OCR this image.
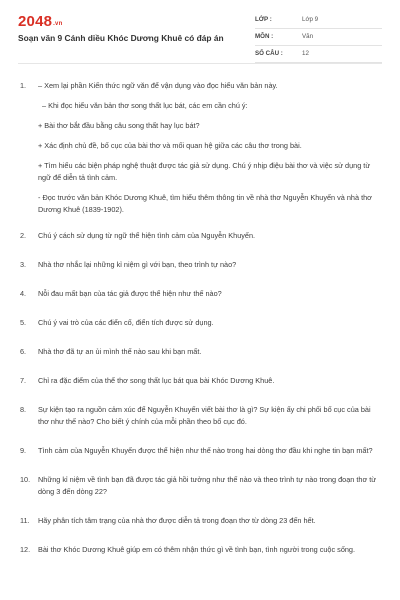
2048.vn
Soạn văn 9 Cánh diều Khóc Dương Khuê có đáp án
LỚP :	Lớp 9
MÔN :	Văn
SỐ CÂU :	12
1. – Xem lại phần Kiến thức ngữ văn để vận dụng vào đọc hiểu văn bản này.
– Khi đọc hiểu văn bản thơ song thất lục bát, các em cần chú ý:
+ Bài thơ bắt đầu bằng câu song thất hay lục bát?
+ Xác định chủ đề, bố cục của bài thơ và mối quan hệ giữa các câu thơ trong bài.
+ Tìm hiểu các biện pháp nghệ thuật được tác giả sử dụng. Chú ý nhịp điệu bài thơ và việc sử dụng từ ngữ để diễn tả tình cảm.
- Đọc trước văn bản Khóc Dương Khuê, tìm hiểu thêm thông tin về nhà thơ Nguyễn Khuyến và nhà thơ Dương Khuê (1839-1902).
2. Chú ý cách sử dụng từ ngữ thể hiện tình cảm của Nguyễn Khuyến.
3. Nhà thơ nhắc lại những kỉ niệm gì với bạn, theo trình tự nào?
4. Nỗi đau mất bạn của tác giả được thể hiện như thế nào?
5. Chú ý vai trò của các điển cố, điển tích được sử dụng.
6. Nhà thơ đã tự an ủi mình thế nào sau khi bạn mất.
7. Chỉ ra đặc điểm của thể thơ song thất lục bát qua bài Khóc Dương Khuê.
8. Sự kiện tạo ra nguồn cảm xúc để Nguyễn Khuyến viết bài thơ là gì? Sự kiện ấy chi phối bố cục của bài thơ như thế nào? Cho biết ý chính của mỗi phần theo bố cục đó.
9. Tình cảm của Nguyễn Khuyến được thể hiện như thế nào trong hai dòng thơ đầu khi nghe tin bạn mất?
10. Những kỉ niệm về tình bạn đã được tác giả hồi tưởng như thế nào và theo trình tự nào trong đoạn thơ từ dòng 3 đến dòng 22?
11. Hãy phân tích tâm trạng của nhà thơ được diễn tả trong đoạn thơ từ dòng 23 đến hết.
12. Bài thơ Khóc Dương Khuê giúp em có thêm nhận thức gì về tình bạn, tình người trong cuộc sống.
